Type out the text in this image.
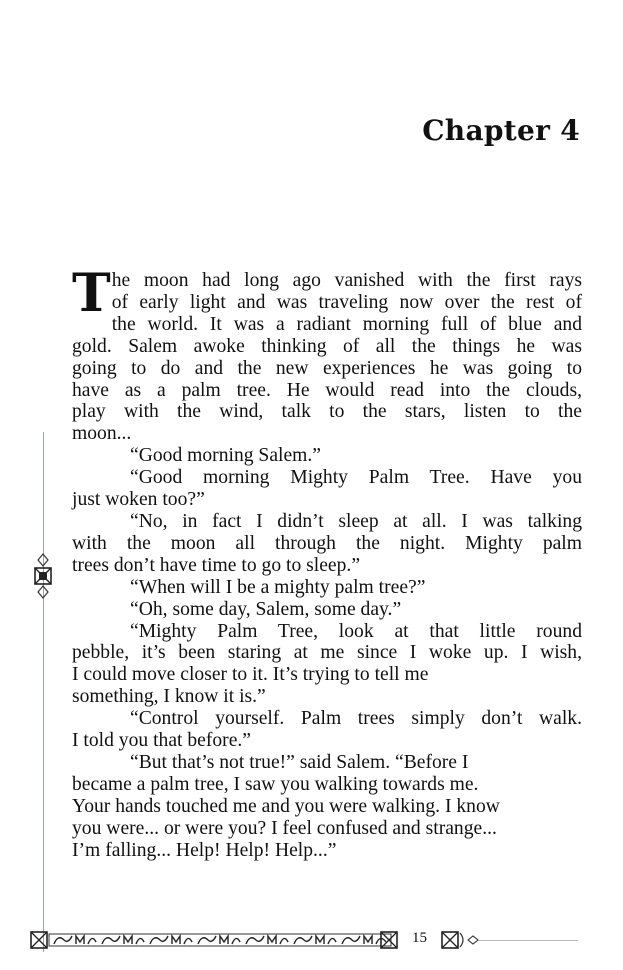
Chapter 4
The moon had long ago vanished with the first rays
of early light and was traveling now over the rest of
the world. It was a radiant morning full of blue and
gold. Salem awoke thinking of all the things he was
going to do and the new experiences he was going to
have as a palm tree. He would read into the clouds,
play with the wind, talk to the stars, listen to the
moon...
“Good morning Salem.”
“Good morning Mighty Palm Tree. Have you
just woken too?”
“No, in fact I didn’t sleep at all. I was talking
with the moon all through the night. Mighty palm
trees don’t have time to go to sleep.”
“When will I be a mighty palm tree?”
“Oh, some day, Salem, some day.”
“Mighty Palm Tree, look at that little round
pebble, it’s been staring at me since I woke up. I wish,
I could move closer to it. It’s trying to tell me
something, I know it is.”
“Control yourself. Palm trees simply don’t walk.
I told you that before.”
“But that’s not true!” said Salem. “Before I
became a palm tree, I saw you walking towards me.
Your hands touched me and you were walking. I know
you were... or were you? I feel confused and strange...
I’m falling... Help! Help! Help...”
15
